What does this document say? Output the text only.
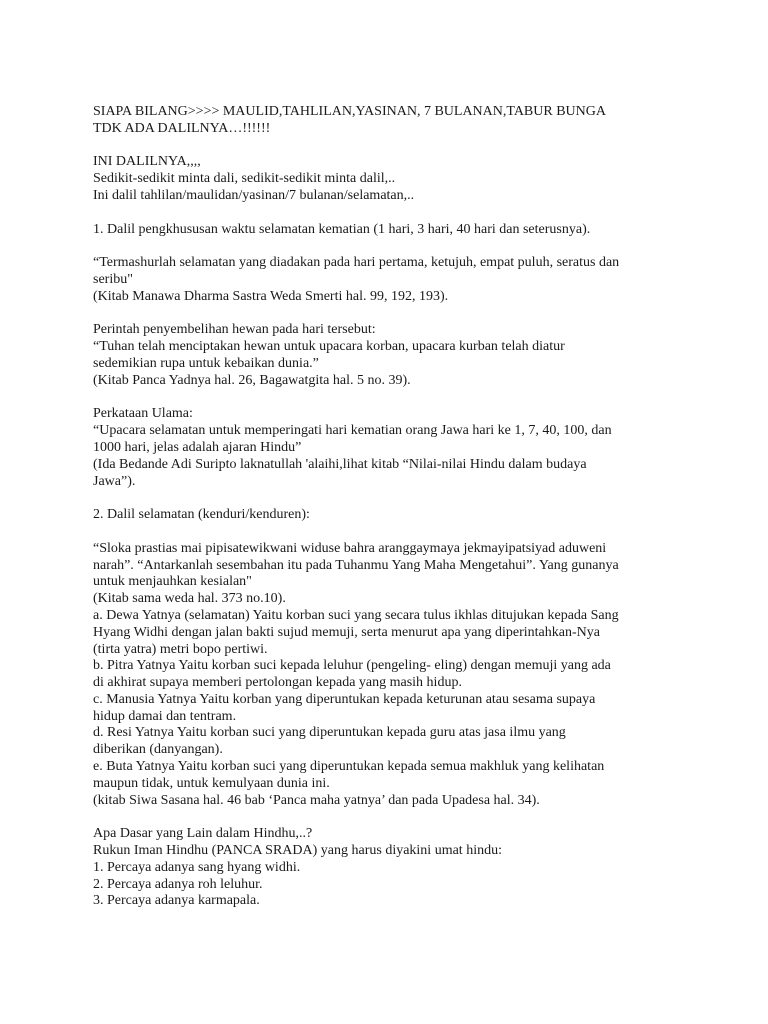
SIAPA BILANG>>>> MAULID,TAHLILAN,YASINAN, 7 BULANAN,TABUR BUNGA
TDK ADA DALILNYA…!!!!!!
INI DALILNYA,,,,
Sedikit-sedikit minta dali, sedikit-sedikit minta dalil,..
Ini dalil tahlilan/maulidan/yasinan/7 bulanan/selamatan,..
1. Dalil pengkhususan waktu selamatan kematian (1 hari, 3 hari, 40 hari dan seterusnya).
“Termashurlah selamatan yang diadakan pada hari pertama, ketujuh, empat puluh, seratus dan
seribu"
(Kitab Manawa Dharma Sastra Weda Smerti hal. 99, 192, 193).
Perintah penyembelihan hewan pada hari tersebut:
“Tuhan telah menciptakan hewan untuk upacara korban, upacara kurban telah diatur
sedemikian rupa untuk kebaikan dunia.”
(Kitab Panca Yadnya hal. 26, Bagawatgita hal. 5 no. 39).
Perkataan Ulama:
“Upacara selamatan untuk memperingati hari kematian orang Jawa hari ke 1, 7, 40, 100, dan
1000 hari, jelas adalah ajaran Hindu”
(Ida Bedande Adi Suripto laknatullah 'alaihi,lihat kitab “Nilai-nilai Hindu dalam budaya
Jawa”).
2. Dalil selamatan (kenduri/kenduren):
“Sloka prastias mai pipisatewikwani widuse bahra aranggaymaya jekmayipatsiyad aduweni
narah”. “Antarkanlah sesembahan itu pada Tuhanmu Yang Maha Mengetahui”. Yang gunanya
untuk menjauhkan kesialan"
(Kitab sama weda hal. 373 no.10).
a. Dewa Yatnya (selamatan) Yaitu korban suci yang secara tulus ikhlas ditujukan kepada Sang
Hyang Widhi dengan jalan bakti sujud memuji, serta menurut apa yang diperintahkan-Nya
(tirta yatra) metri bopo pertiwi.
b. Pitra Yatnya Yaitu korban suci kepada leluhur (pengeling- eling) dengan memuji yang ada
di akhirat supaya memberi pertolongan kepada yang masih hidup.
c. Manusia Yatnya Yaitu korban yang diperuntukan kepada keturunan atau sesama supaya
hidup damai dan tentram.
d. Resi Yatnya Yaitu korban suci yang diperuntukan kepada guru atas jasa ilmu yang
diberikan (danyangan).
e. Buta Yatnya Yaitu korban suci yang diperuntukan kepada semua makhluk yang kelihatan
maupun tidak, untuk kemulyaan dunia ini.
(kitab Siwa Sasana hal. 46 bab ‘Panca maha yatnya’ dan pada Upadesa hal. 34).
Apa Dasar yang Lain dalam Hindhu,..?
Rukun Iman Hindhu (PANCA SRADA) yang harus diyakini umat hindu:
1. Percaya adanya sang hyang widhi.
2. Percaya adanya roh leluhur.
3. Percaya adanya karmapala.
